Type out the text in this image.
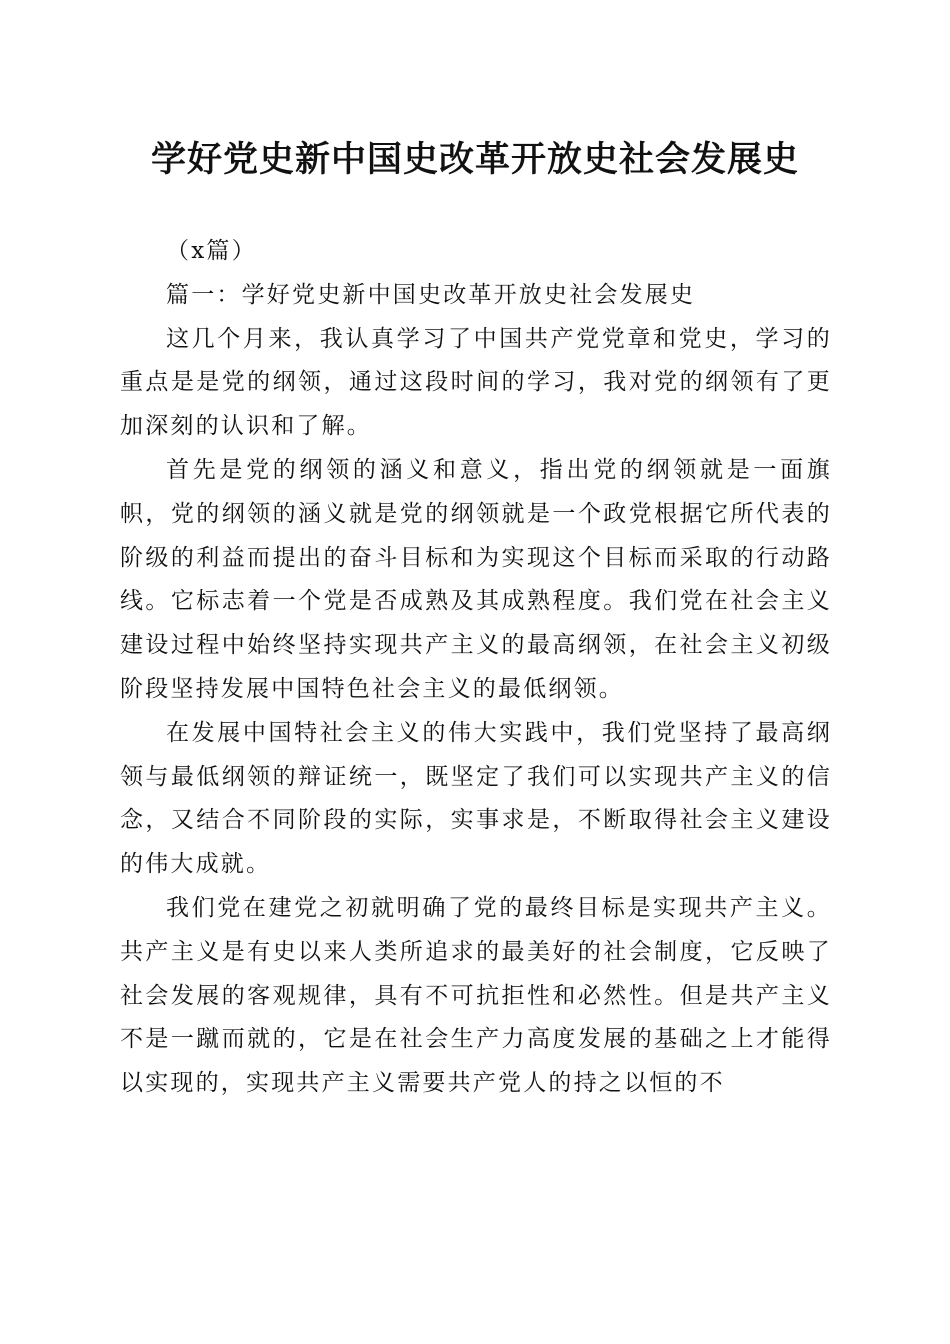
学好党史新中国史改革开放史社会发展史

（x篇）

篇一：学好党史新中国史改革开放史社会发展史

这几个月来，我认真学习了中国共产党党章和党史，学习的重点是是党的纲领，通过这段时间的学习，我对党的纲领有了更加深刻的认识和了解。

首先是党的纲领的涵义和意义，指出党的纲领就是一面旗帜，党的纲领的涵义就是党的纲领就是一个政党根据它所代表的阶级的利益而提出的奋斗目标和为实现这个目标而采取的行动路线。它标志着一个党是否成熟及其成熟程度。我们党在社会主义建设过程中始终坚持实现共产主义的最高纲领，在社会主义初级阶段坚持发展中国特色社会主义的最低纲领。

在发展中国特社会主义的伟大实践中，我们党坚持了最高纲领与最低纲领的辩证统一，既坚定了我们可以实现共产主义的信念，又结合不同阶段的实际，实事求是，不断取得社会主义建设的伟大成就。

我们党在建党之初就明确了党的最终目标是实现共产主义。共产主义是有史以来人类所追求的最美好的社会制度，它反映了社会发展的客观规律，具有不可抗拒性和必然性。但是共产主义不是一蹴而就的，它是在社会生产力高度发展的基础之上才能得以实现的，实现共产主义需要共产党人的持之以恒的不
